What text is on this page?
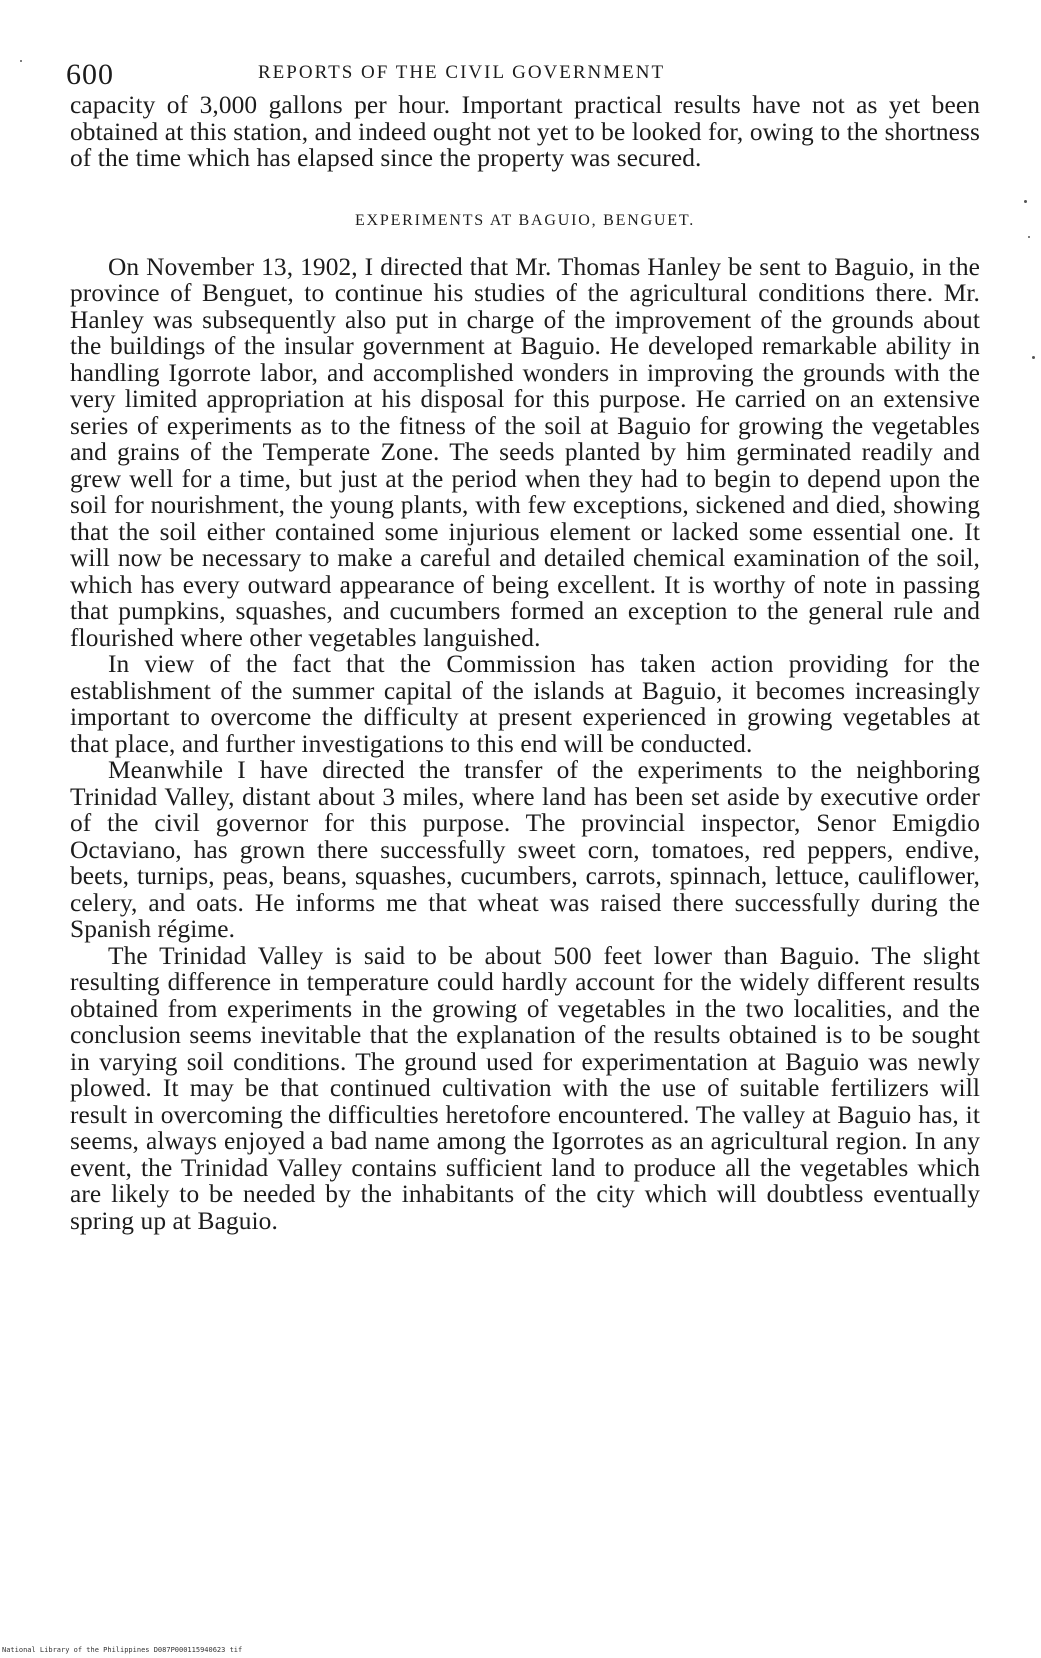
600	REPORTS OF THE CIVIL GOVERNMENT

capacity of 3,000 gallons per hour. Important practical results have not as yet been obtained at this station, and indeed ought not yet to be looked for, owing to the shortness of the time which has elapsed since the property was secured.

EXPERIMENTS AT BAGUIO, BENGUET.

On November 13, 1902, I directed that Mr. Thomas Hanley be sent to Baguio, in the province of Benguet, to continue his studies of the agricultural conditions there. Mr. Hanley was subsequently also put in charge of the improvement of the grounds about the buildings of the insular government at Baguio. He developed remarkable ability in handling Igorrote labor, and accomplished wonders in improving the grounds with the very limited appropriation at his disposal for this purpose. He carried on an extensive series of experiments as to the fitness of the soil at Baguio for growing the vegetables and grains of the Temperate Zone. The seeds planted by him germinated readily and grew well for a time, but just at the period when they had to begin to depend upon the soil for nourishment, the young plants, with few exceptions, sickened and died, showing that the soil either contained some injurious element or lacked some essential one. It will now be necessary to make a careful and detailed chemical examination of the soil, which has every outward appearance of being excellent. It is worthy of note in passing that pumpkins, squashes, and cucumbers formed an exception to the general rule and flourished where other vegetables languished.

In view of the fact that the Commission has taken action providing for the establishment of the summer capital of the islands at Baguio, it becomes increasingly important to overcome the difficulty at present experienced in growing vegetables at that place, and further investigations to this end will be conducted.

Meanwhile I have directed the transfer of the experiments to the neighboring Trinidad Valley, distant about 3 miles, where land has been set aside by executive order of the civil governor for this purpose. The provincial inspector, Senor Emigdio Octaviano, has grown there successfully sweet corn, tomatoes, red peppers, endive, beets, turnips, peas, beans, squashes, cucumbers, carrots, spinnach, lettuce, cauliflower, celery, and oats. He informs me that wheat was raised there successfully during the Spanish régime.

The Trinidad Valley is said to be about 500 feet lower than Baguio. The slight resulting difference in temperature could hardly account for the widely different results obtained from experiments in the growing of vegetables in the two localities, and the conclusion seems inevitable that the explanation of the results obtained is to be sought in varying soil conditions. The ground used for experimentation at Baguio was newly plowed. It may be that continued cultivation with the use of suitable fertilizers will result in overcoming the difficulties heretofore encountered. The valley at Baguio has, it seems, always enjoyed a bad name among the Igorrotes as an agricultural region. In any event, the Trinidad Valley contains sufficient land to produce all the vegetables which are likely to be needed by the inhabitants of the city which will doubtless eventually spring up at Baguio.

National Library of the Philippines D087P000115940623 tif
